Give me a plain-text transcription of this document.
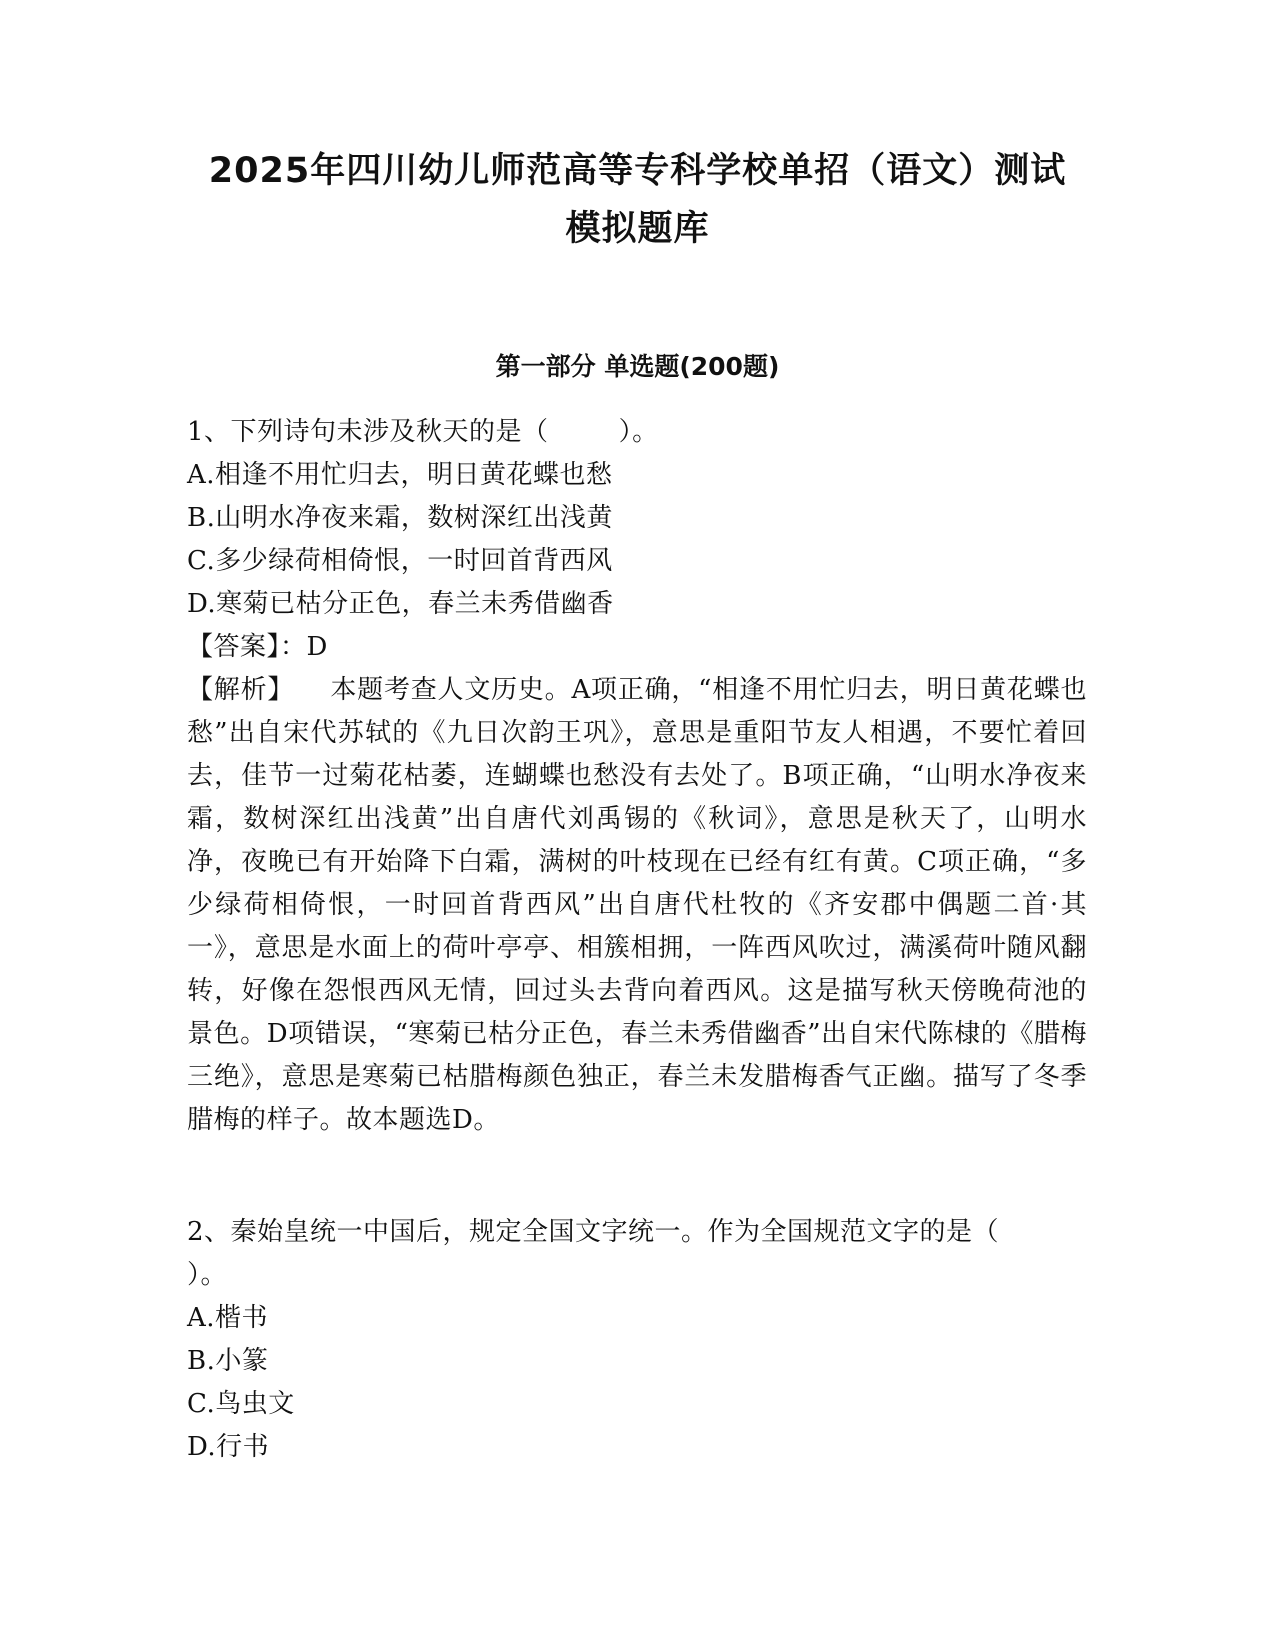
2025年四川幼儿师范高等专科学校单招（语文）测试
模拟题库
第一部分 单选题(200题)
1、下列诗句未涉及秋天的是（        ）。
A.相逢不用忙归去，明日黄花蝶也愁
B.山明水净夜来霜，数树深红出浅黄
C.多少绿荷相倚恨，一时回首背西风
D.寒菊已枯分正色，春兰未秀借幽香
【答案】：D
【解析】    本题考查人文历史。A项正确，“相逢不用忙归去，明日黄花蝶也愁”出自宋代苏轼的《九日次韵王巩》，意思是重阳节友人相遇，不要忙着回去，佳节一过菊花枯萎，连蝴蝶也愁没有去处了。B项正确，“山明水净夜来霜，数树深红出浅黄”出自唐代刘禹锡的《秋词》，意思是秋天了，山明水净，夜晚已有开始降下白霜，满树的叶枝现在已经有红有黄。C项正确，“多少绿荷相倚恨，一时回首背西风”出自唐代杜牧的《齐安郡中偶题二首·其一》，意思是水面上的荷叶亭亭、相簇相拥，一阵西风吹过，满溪荷叶随风翻转，好像在怨恨西风无情，回过头去背向着西风。这是描写秋天傍晚荷池的景色。D项错误，“寒菊已枯分正色，春兰未秀借幽香”出自宋代陈棣的《腊梅三绝》，意思是寒菊已枯腊梅颜色独正，春兰未发腊梅香气正幽。描写了冬季腊梅的样子。故本题选D。
2、秦始皇统一中国后，规定全国文字统一。作为全国规范文字的是（
）。
A.楷书
B.小篆
C.鸟虫文
D.行书
